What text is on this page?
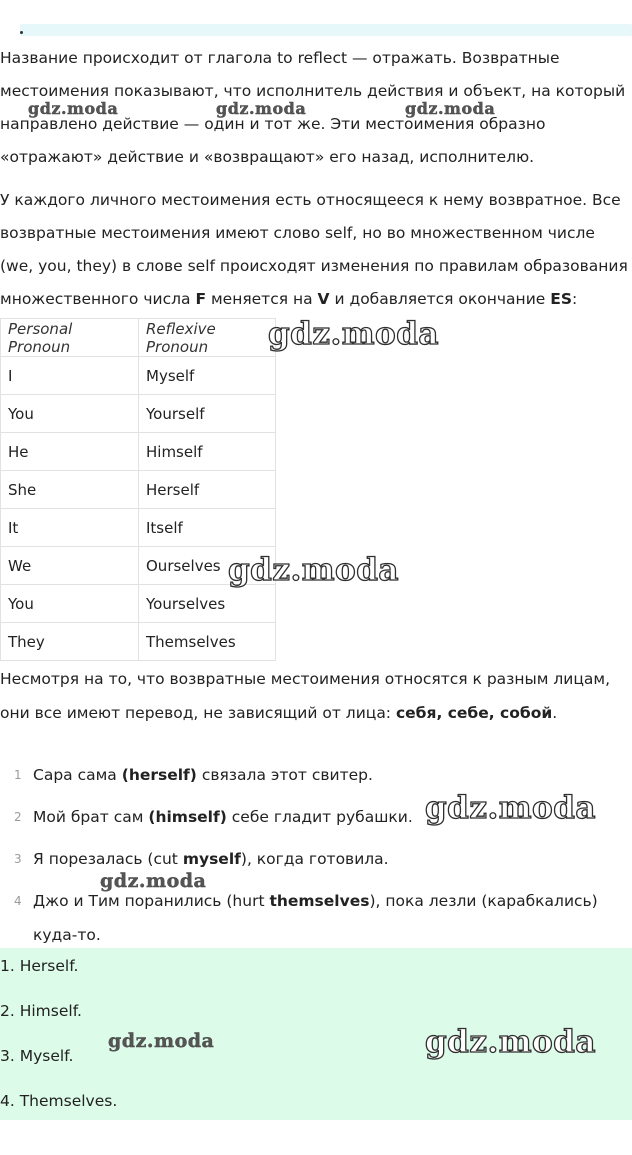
Название происходит от глагола to reflect — отражать. Возвратные местоимения показывают, что исполнитель действия и объект, на который направлено действие — один и тот же. Эти местоимения образно «отражают» действие и «возвращают» его назад, исполнителю.

У каждого личного местоимения есть относящееся к нему возвратное. Все возвратные местоимения имеют слово self, но во множественном числе (we, you, they) в слове self происходят изменения по правилам образования множественного числа F меняется на V и добавляется окончание ES:

Personal Pronoun	Reflexive Pronoun
I	Myself
You	Yourself
He	Himself
She	Herself
It	Itself
We	Ourselves
You	Yourselves
They	Themselves

Несмотря на то, что возвратные местоимения относятся к разным лицам, они все имеют перевод, не зависящий от лица: себя, себе, собой.

1 Сара сама (herself) связала этот свитер.
2 Мой брат сам (himself) себе гладит рубашки.
3 Я порезалась (cut myself), когда готовила.
4 Джо и Тим поранились (hurt themselves), пока лезли (карабкались) куда-то.
1. Herself.
2. Himself.
3. Myself.
4. Themselves.
gdz.moda	gdz.moda	gdz.moda
gdz.moda
gdz.moda
gdz.moda
gdz.moda
gdz.moda	gdz.moda
